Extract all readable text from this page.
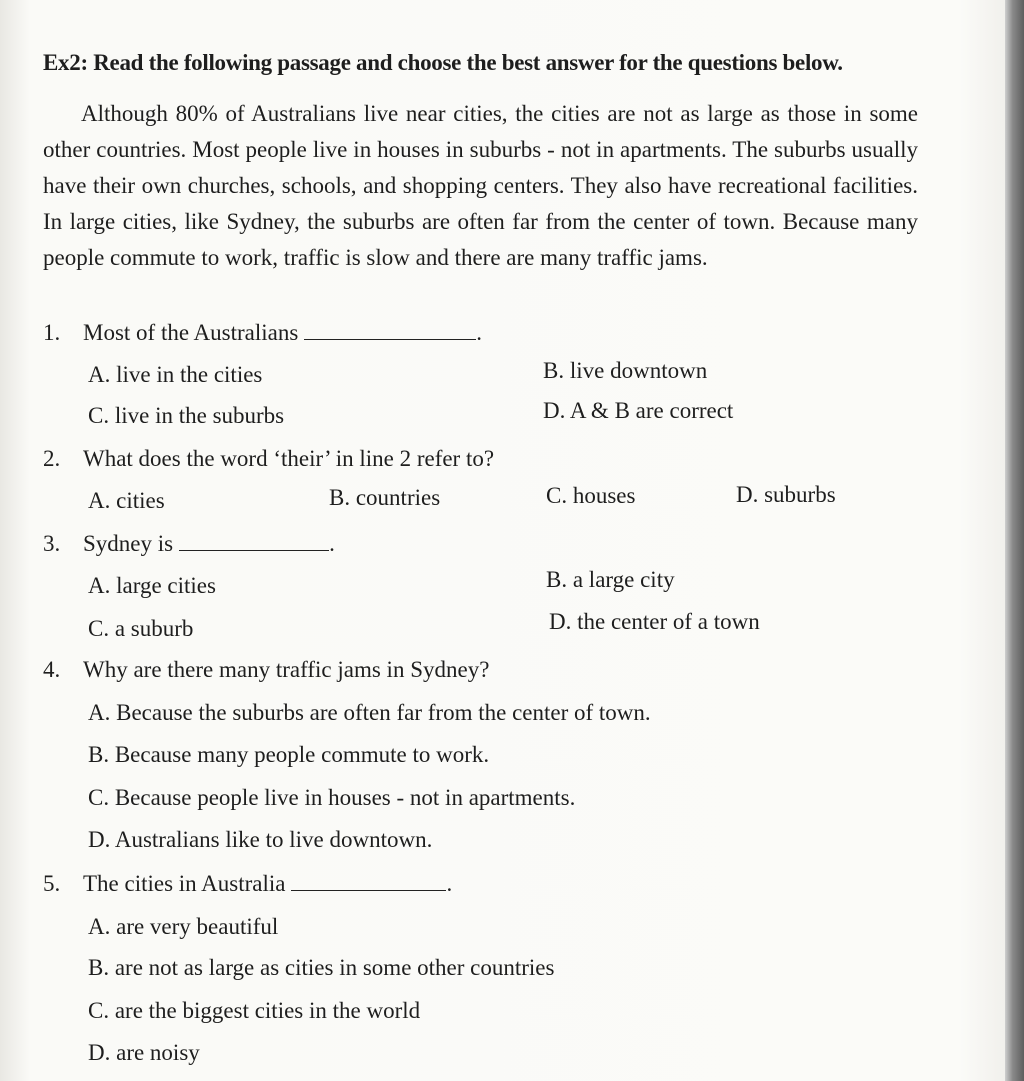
Ex2: Read the following passage and choose the best answer for the questions below.
Although 80% of Australians live near cities, the cities are not as large as those in some other countries. Most people live in houses in suburbs - not in apartments. The suburbs usually have their own churches, schools, and shopping centers. They also have recreational facilities. In large cities, like Sydney, the suburbs are often far from the center of town. Because many people commute to work, traffic is slow and there are many traffic jams.
1. Most of the Australians	.
A. live in the cities	B. live downtown
C. live in the suburbs	D. A & B are correct
2. What does the word ‘their’ in line 2 refer to?
A. cities	B. countries	C. houses	D. suburbs
3. Sydney is	.
A. large cities	B. a large city
C. a suburb	D. the center of a town
4. Why are there many traffic jams in Sydney?
A. Because the suburbs are often far from the center of town.
B. Because many people commute to work.
C. Because people live in houses - not in apartments.
D. Australians like to live downtown.
5. The cities in Australia	.
A. are very beautiful
B. are not as large as cities in some other countries
C. are the biggest cities in the world
D. are noisy
